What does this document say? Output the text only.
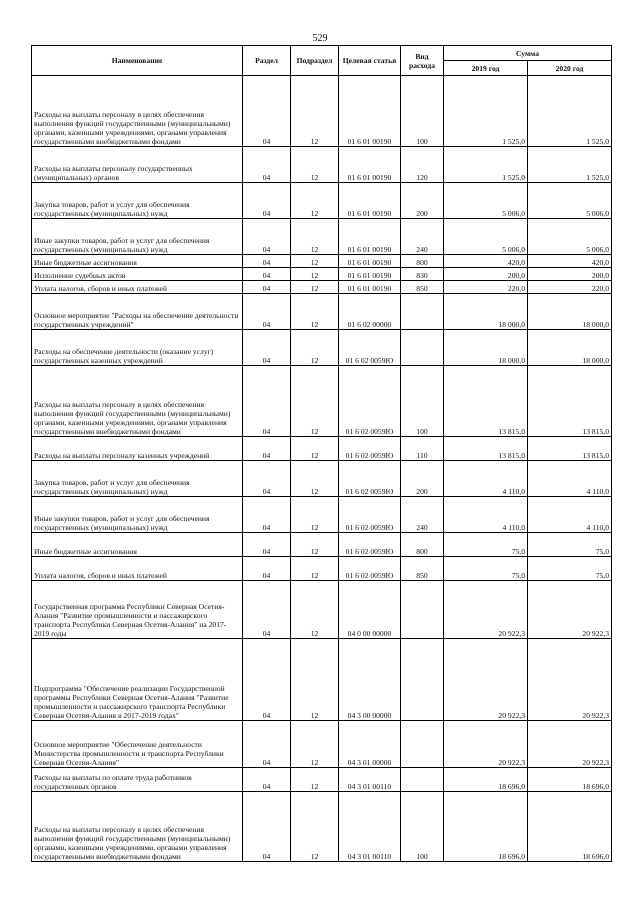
529
Наименование	Раздел	Подраздел	Целевая статья	Вид расхода	Сумма	
					2019 год	2020 год
Расходы на выплаты персоналу в целях обеспечения выполнения функций государственными (муниципальными) органами, казенными учреждениями, органами управления государственными внебюджетными фондами	04	12	01 6 01 00190	100	1 525,0	1 525,0
Расходы на выплаты персоналу государственных (муниципальных) органов	04	12	01 6 01 00190	120	1 525,0	1 525,0
Закупка товаров, работ и услуг для обеспечения государственных (муниципальных) нужд	04	12	01 6 01 00190	200	5 006,0	5 006,0
Иные закупки товаров, работ и услуг для обеспечения государственных (муниципальных) нужд	04	12	01 6 01 00190	240	5 006,0	5 006,0
Иные бюджетные ассигнования	04	12	01 6 01 00190	800	420,0	420,0
Исполнение судебных актов	04	12	01 6 01 00190	830	200,0	200,0
Уплата налогов, сборов и иных платежей	04	12	01 6 01 00190	850	220,0	220,0
Основное мероприятие "Расходы на обеспечение деятельности государственных учреждений"	04	12	01 6 02 00000		18 000,0	18 000,0
Расходы на обеспечение деятельности (оказание услуг) государственных казенных учреждений	04	12	01 6 02 0059Ю		18 000,0	18 000,0
Расходы на выплаты персоналу в целях обеспечения выполнения функций государственными (муниципальными) органами, казенными учреждениями, органами управления государственными внебюджетными фондами	04	12	01 6 02 0059Ю	100	13 815,0	13 815,0
Расходы на выплаты персоналу казенных учреждений	04	12	01 6 02 0059Ю	110	13 815,0	13 815,0
Закупка товаров, работ и услуг для обеспечения государственных (муниципальных) нужд	04	12	01 6 02 0059Ю	200	4 110,0	4 110,0
Иные закупки товаров, работ и услуг для обеспечения государственных (муниципальных) нужд	04	12	01 6 02 0059Ю	240	4 110,0	4 110,0
Иные бюджетные ассигнования	04	12	01 6 02 0059Ю	800	75,0	75,0
Уплата налогов, сборов и иных платежей	04	12	01 6 02 0059Ю	850	75,0	75,0
Государственная программа Республики Северная Осетия-Алания "Развитие промышленности и пассажирского транспорта Республики Северная Осетия-Алания" на 2017-2019 годы	04	12	04 0 00 00000		20 922,3	20 922,3
Подпрограмма "Обеспечение реализации Государственной программы Республики Северная Осетия-Алания "Развитие промышленности и пассажирского транспорта Республики Северная Осетия-Алания в 2017-2019 годах"	04	12	04 3 00 00000		20 922,3	20 922,3
Основное мероприятие "Обеспечение деятельности Министерства промышленности и транспорта Республики Северная Осетия-Алания"	04	12	04 3 01 00000		20 922,3	20 922,3
Расходы на выплаты по оплате труда работников государственных органов	04	12	04 3 01 00110		18 696,0	18 696,0
Расходы на выплаты персоналу в целях обеспечения выполнения функций государственными (муниципальными) органами, казенными учреждениями, органами управления государственными внебюджетными фондами	04	12	04 3 01 00110	100	18 696,0	18 696,0
